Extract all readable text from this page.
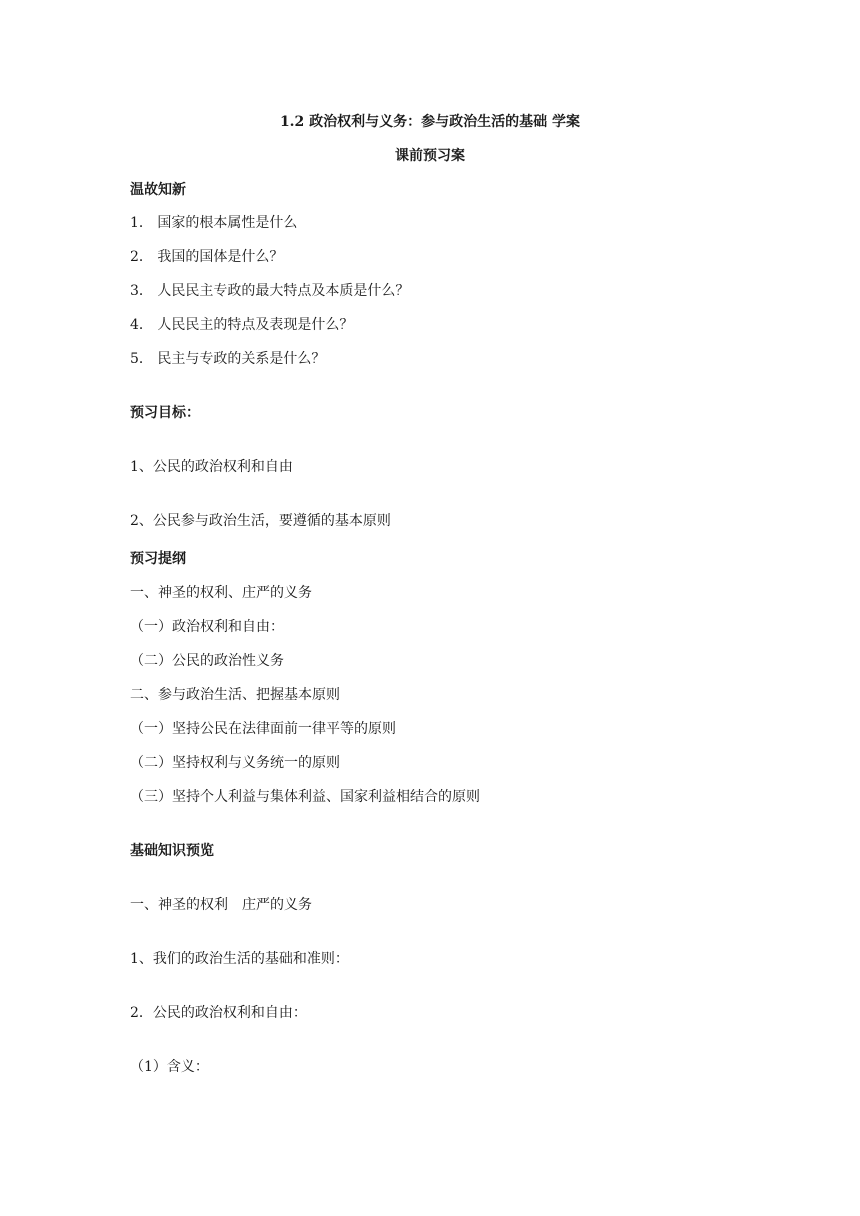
1.2 政治权利与义务：参与政治生活的基础 学案
课前预习案
温故知新
1． 国家的根本属性是什么
2． 我国的国体是什么？
3． 人民民主专政的最大特点及本质是什么？
4． 人民民主的特点及表现是什么？
5． 民主与专政的关系是什么？
预习目标：
1、公民的政治权利和自由
2、公民参与政治生活，要遵循的基本原则
预习提纲
一、神圣的权利、庄严的义务
（一）政治权利和自由：
（二）公民的政治性义务
二、参与政治生活、把握基本原则
（一）坚持公民在法律面前一律平等的原则
（二）坚持权利与义务统一的原则
（三）坚持个人利益与集体利益、国家利益相结合的原则
基础知识预览
一、神圣的权利　庄严的义务
1、我们的政治生活的基础和准则：
2．公民的政治权利和自由：
（1）含义：
